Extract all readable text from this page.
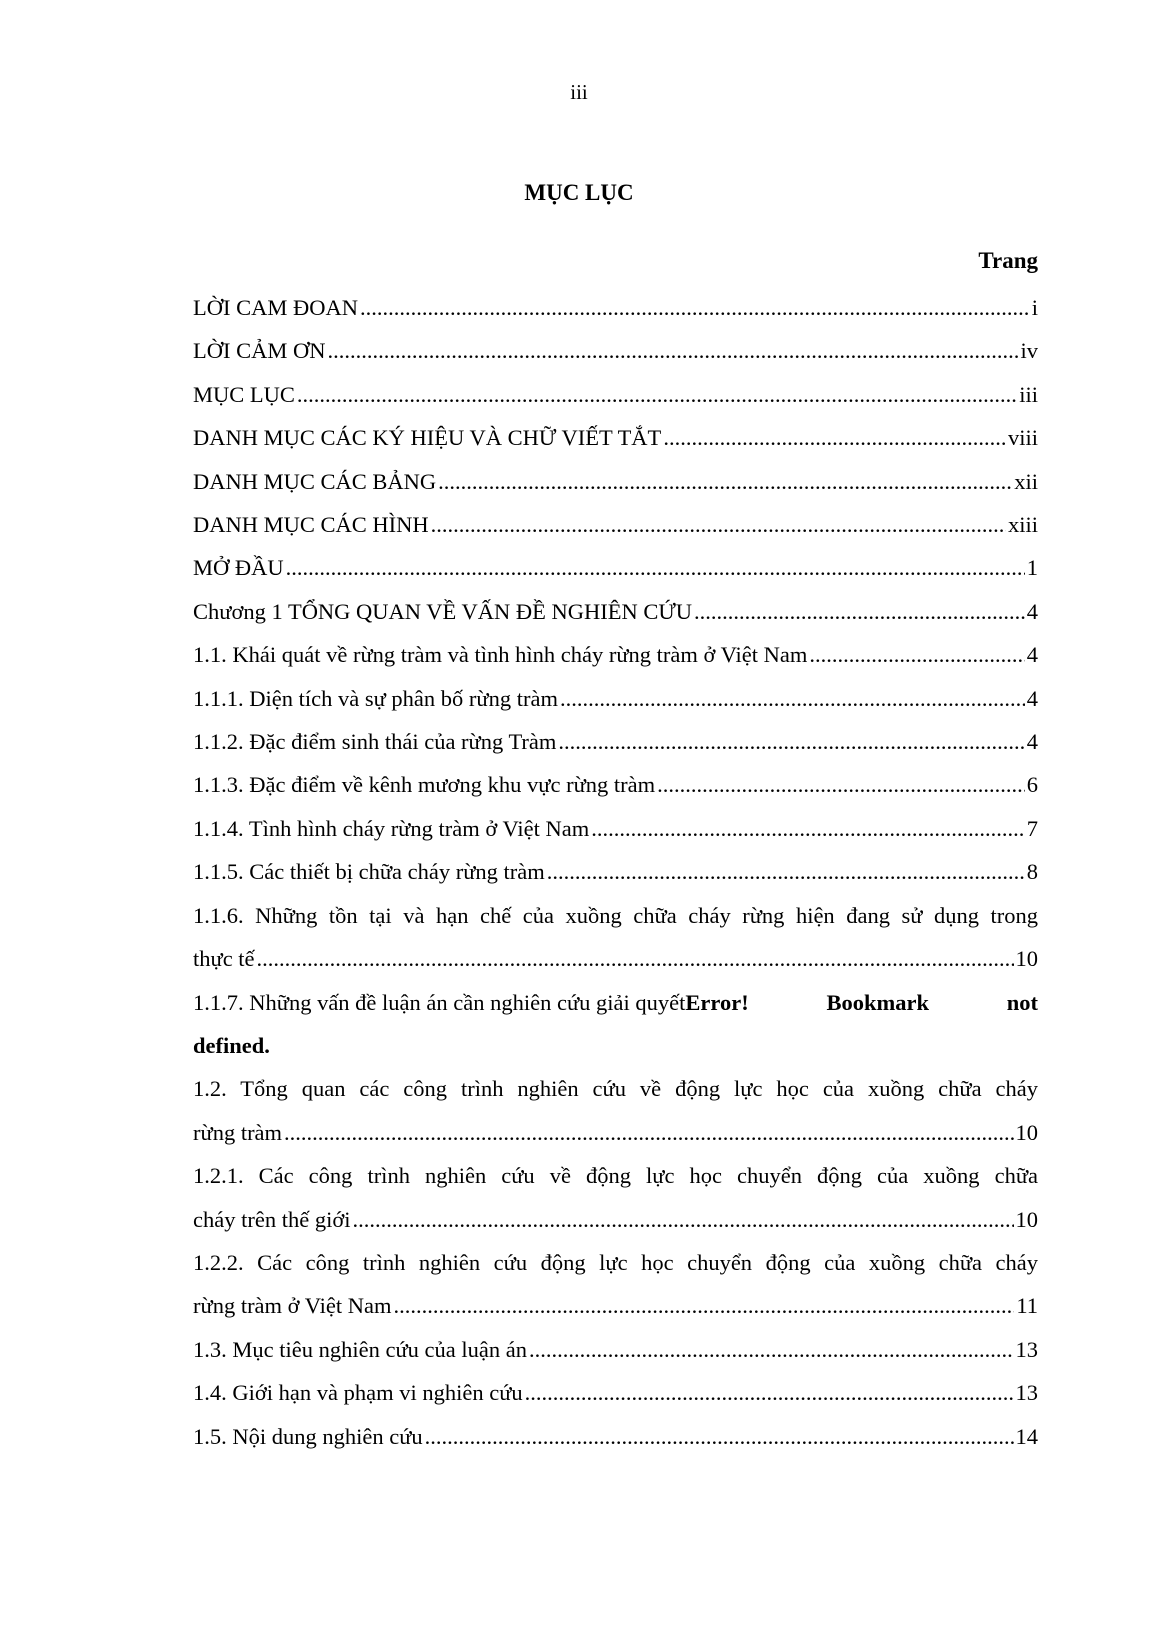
iii
MỤC LỤC
Trang
LỜI CAM ĐOAN .....	i
LỜI CẢM ƠN .....	iv
MỤC LỤC .....	iii
DANH MỤC CÁC KÝ HIỆU VÀ CHỮ VIẾT TẮT .....	viii
DANH MỤC CÁC BẢNG .....	xii
DANH MỤC CÁC HÌNH .....	xiii
MỞ ĐẦU .....	1
Chương 1 TỔNG QUAN VỀ VẤN ĐỀ NGHIÊN CỨU .....	4
1.1. Khái quát về rừng tràm và tình hình cháy rừng tràm ở Việt Nam .....	4
1.1.1. Diện tích và sự phân bố rừng tràm .....	4
1.1.2. Đặc điểm sinh thái của rừng Tràm .....	4
1.1.3. Đặc điểm về kênh mương khu vực rừng tràm .....	6
1.1.4. Tình hình cháy rừng tràm ở Việt Nam .....	7
1.1.5. Các thiết bị chữa cháy rừng tràm .....	8
1.1.6. Những tồn tại và hạn chế của xuồng chữa cháy rừng hiện đang sử dụng trong
thực tế .....	10
1.1.7. Những vấn đề luận án cần nghiên cứu giải quyếtError!	Bookmark	not
defined.
1.2. Tổng quan các công trình nghiên cứu về động lực học của xuồng chữa cháy
rừng tràm .....	10
1.2.1. Các công trình nghiên cứu về động lực học chuyển động của xuồng chữa
cháy trên thế giới .....	10
1.2.2. Các công trình nghiên cứu động lực học chuyển động của xuồng chữa cháy
rừng tràm ở Việt Nam .....	11
1.3. Mục tiêu nghiên cứu của luận án .....	13
1.4. Giới hạn và phạm vi nghiên cứu .....	13
1.5. Nội dung nghiên cứu .....	14
